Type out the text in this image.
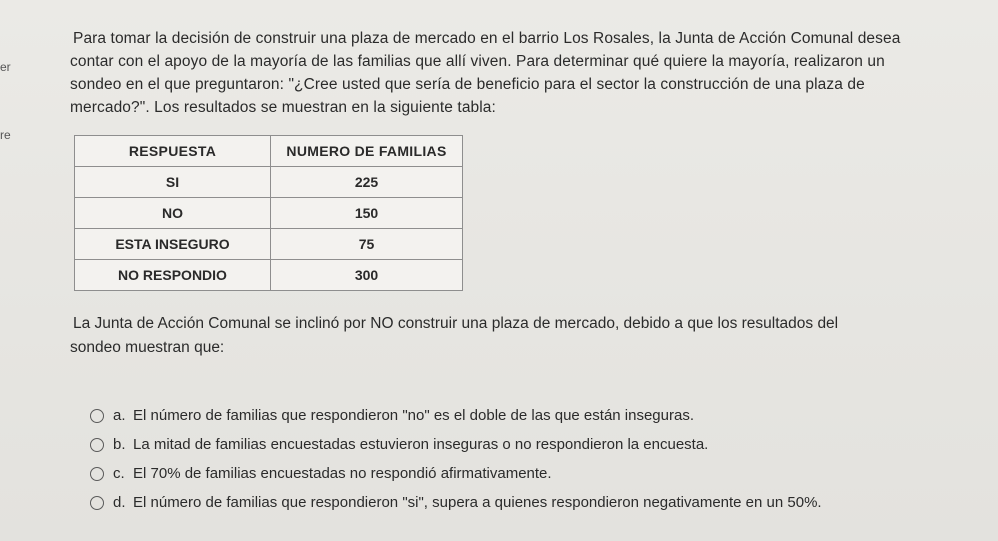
er
re
Para tomar la decisión de construir una plaza de mercado en el barrio Los Rosales, la Junta de Acción Comunal desea
contar con el apoyo de la mayoría de las familias que allí viven. Para determinar qué quiere la mayoría, realizaron un
sondeo en el que preguntaron: "¿Cree usted que sería de beneficio para el sector la construcción de una plaza de
mercado?". Los resultados se muestran en la siguiente tabla:
RESPUESTA	NUMERO DE FAMILIAS
SI	225
NO	150
ESTA INSEGURO	75
NO RESPONDIO	300
La Junta de Acción Comunal se inclinó por NO construir una plaza de mercado, debido a que los resultados del
sondeo muestran que:
a. El número de familias que respondieron "no" es el doble de las que están inseguras.
b. La mitad de familias encuestadas estuvieron inseguras o no respondieron la encuesta.
c. El 70% de familias encuestadas no respondió afirmativamente.
d. El número de familias que respondieron "si", supera a quienes respondieron negativamente en un 50%.
